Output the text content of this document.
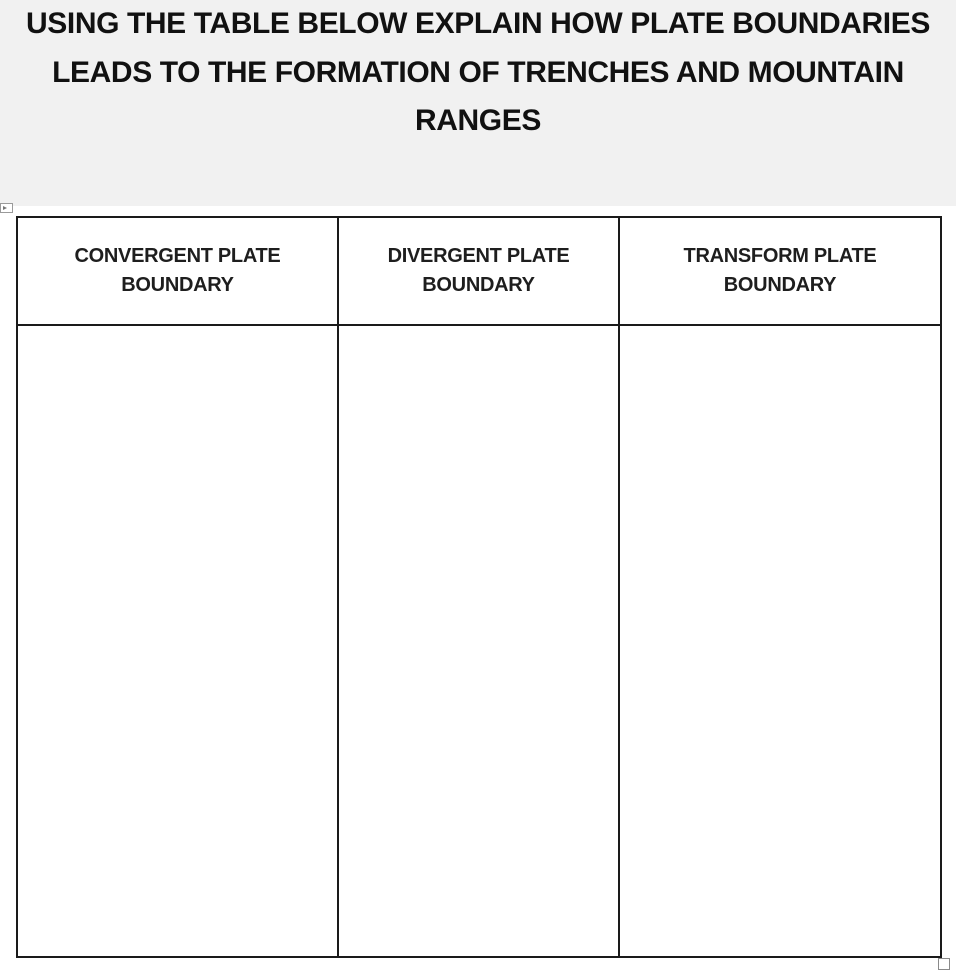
USING THE TABLE BELOW EXPLAIN HOW PLATE BOUNDARIES
LEADS TO THE FORMATION OF TRENCHES AND MOUNTAIN
RANGES
CONVERGENT PLATE BOUNDARY	DIVERGENT PLATE BOUNDARY	TRANSFORM PLATE BOUNDARY
